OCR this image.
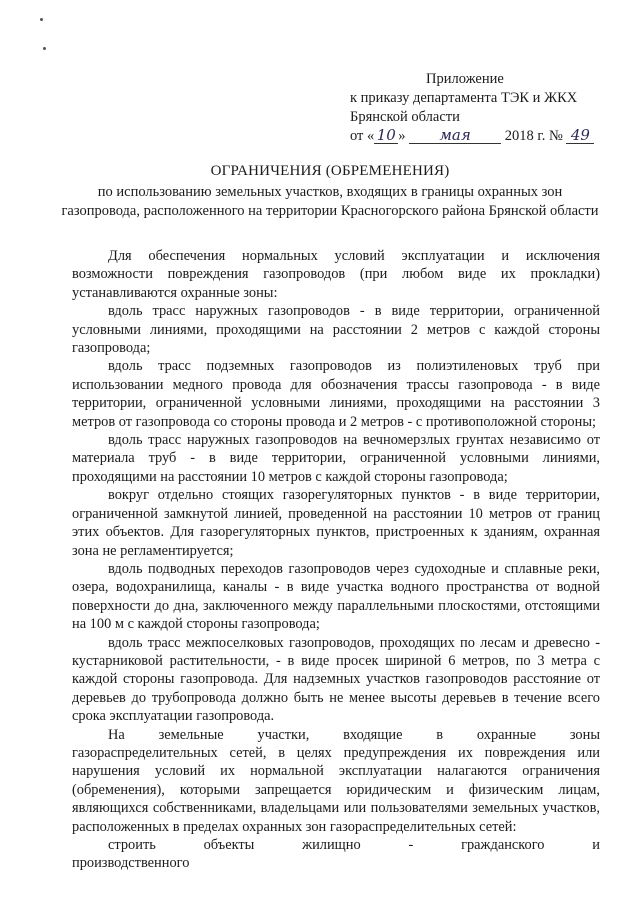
Приложение
к приказу департамента ТЭК и ЖКХ
Брянской области
от « 10 » мая 2018 г. № 49
ОГРАНИЧЕНИЯ (ОБРЕМЕНЕНИЯ)
по использованию земельных участков, входящих в границы охранных зон газопровода, расположенного на территории Красногорского района Брянской области

Для обеспечения нормальных условий эксплуатации и исключения возможности повреждения газопроводов (при любом виде их прокладки) устанавливаются охранные зоны:

вдоль трасс наружных газопроводов - в виде территории, ограниченной условными линиями, проходящими на расстоянии 2 метров с каждой стороны газопровода;

вдоль трасс подземных газопроводов из полиэтиленовых труб при использовании медного провода для обозначения трассы газопровода - в виде территории, ограниченной условными линиями, проходящими на расстоянии 3 метров от газопровода со стороны провода и 2 метров - с противоположной стороны;

вдоль трасс наружных газопроводов на вечномерзлых грунтах независимо от материала труб - в виде территории, ограниченной условными линиями, проходящими на расстоянии 10 метров с каждой стороны газопровода;

вокруг отдельно стоящих газорегуляторных пунктов - в виде территории, ограниченной замкнутой линией, проведенной на расстоянии 10 метров от границ этих объектов. Для газорегуляторных пунктов, пристроенных к зданиям, охранная зона не регламентируется;

вдоль подводных переходов газопроводов через судоходные и сплавные реки, озера, водохранилища, каналы - в виде участка водного пространства от водной поверхности до дна, заключенного между параллельными плоскостями, отстоящими на 100 м с каждой стороны газопровода;

вдоль трасс межпоселковых газопроводов, проходящих по лесам и древесно - кустарниковой растительности, - в виде просек шириной 6 метров, по 3 метра с каждой стороны газопровода. Для надземных участков газопроводов расстояние от деревьев до трубопровода должно быть не менее высоты деревьев в течение всего срока эксплуатации газопровода.

На земельные участки, входящие в охранные зоны газораспределительных сетей, в целях предупреждения их повреждения или нарушения условий их нормальной эксплуатации налагаются ограничения (обременения), которыми запрещается юридическим и физическим лицам, являющихся собственниками, владельцами или пользователями земельных участков, расположенных в пределах охранных зон газораспределительных сетей:

строить объекты жилищно - гражданского и производственного
